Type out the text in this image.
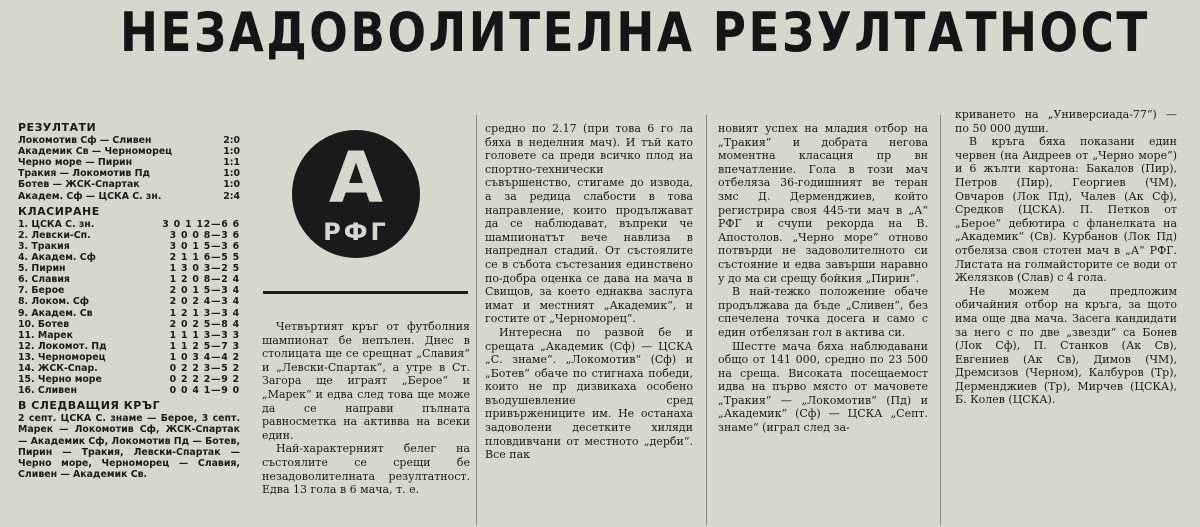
НЕЗАДОВОЛИТЕЛНА РЕЗУЛТАТНОСТ
РЕЗУЛТАТИ
Локомотив Сф — Сливен	2:0
Академик Св — Черноморец	1:0
Черно море — Пирин	1:1
Тракия — Локомотив Пд	1:0
Ботев — ЖСК-Спартак	1:0
Академ. Сф — ЦСКА С. зн.	2:4
КЛАСИРАНЕ
1. ЦСКА С. зн.	3 0 1 12—6 6
2. Левски-Сп.	3 0 0 8—3 6
3. Тракия	3 0 1 5—3 6
4. Академ. Сф	2 1 1 6—5 5
5. Пирин	1 3 0 3—2 5
6. Славия	1 2 0 8—2 4
7. Берое	2 0 1 5—3 4
8. Локом. Сф	2 0 2 4—3 4
9. Академ. Св	1 2 1 3—3 4
10. Ботев	2 0 2 5—8 4
11. Марек	1 1 1 3—3 3
12. Локомот. Пд	1 1 2 5—7 3
13. Черноморец	1 0 3 4—4 2
14. ЖСК-Спар.	0 2 2 3—5 2
15. Черно море	0 2 2 2—9 2
16. Сливен	0 0 4 1—9 0
В СЛЕДВАЩИЯ КРЪГ
2 септ. ЦСКА С. знаме — Берое, 3 септ. Марек — Локомотив Сф, ЖСК-Спартак — Академик Сф, Локомотив Пд — Ботев, Пирин — Тракия, Левски-Спартак — Черно море, Черноморец — Славия, Сливен — Академик Св.
А
РФГ

Четвъртият кръг от футболния шампионат бе непълен. Днес в столицата ще се срещнат „Славия“ и „Левски-Спартак“, а утре в Ст. Загора ще играят „Берое“ и „Марек“ и едва след това ще може да се направи пълната равносметка на активва на всеки един.

Най-характерният белег на състоялите се срещи бе незадоволителната резултатност. Едва 13 гола в 6 мача, т. е.

средно по 2.17 (при това 6 го ла бяха в неделния мач). И тъй като головете са преди всичко плод на спортно-технически съвършенство, стигаме до извода, а за редица слабости в това направление, които продължават да се наблюдават, въпреки че шампионатът вече навлиза в напреднал стадий. От състоялите се в събота състезания единствено по-добра оценка се дава на мача в Свищов, за което еднаква заслуга имат и местният „Академик“, и гостите от „Черноморец“.

Интересна по развой бе и срещата „Академик (Сф) — ЦСКА „С. знаме“. „Локомотив“ (Сф) и „Ботев“ обаче по стигнаха победи, които не пр дизвикаха особено въодушевление сред привържениците им. Не останаха задоволени десетките хиляди пловдивчани от местното „дерби“. Все пак

новият успех на младия отбор на „Тракия“ и добрата негова моментна класация пр вн впечатление. Гола в този мач отбеляза 36-годишният ве теран змс Д. Дерменджиев, който регистрира своя 445-ти мач в „А“ РФГ и счупи рекорда на В. Апостолов. „Черно море“ отново потвърди не задоволителното си състояние и едва завърши наравно у до ма си срещу бойкия „Пирин“.

В най-тежко положение обаче продължава да бъде „Сливен“, без спечелена точка досега и само с един отбелязан гол в актива си.

Шестте мача бяха наблюдавани общо от 141 000, средно по 23 500 на среща. Високата посещаемост идва на първо място от мачовете „Тракия“ — „Локомотив“ (Пд) и „Академик“ (Сф) — ЦСКА „Септ. знаме“ (играл след за-

криването на „Универсиада-77“) — по 50 000 души.

В кръга бяха показани един червен (на Андреев от „Черно море“) и 6 жълти картона: Бакалов (Пир), Петров (Пир), Георгиев (ЧМ), Овчаров (Лок Пд), Чалев (Ак Сф), Средков (ЦСКА). П. Петков от „Берое“ дебютира с фланелката на „Академик“ (Св). Курбанов (Лок Пд) отбеляза своя стотен мач в „А“ РФГ. Листата на голмайсторите се води от Желязков (Слав) с 4 гола.

Не можем да предложим обичайния отбор на кръга, за щото има още два мача. Засега кандидати за него с по две „звезди“ са Бонев (Лок Сф), П. Станков (Ак Св), Евгениев (Ак Св), Димов (ЧМ), Дремсизов (Черном), Калбуров (Тр), Дерменджиев (Тр), Мирчев (ЦСКА), Б. Колев (ЦСКА).
